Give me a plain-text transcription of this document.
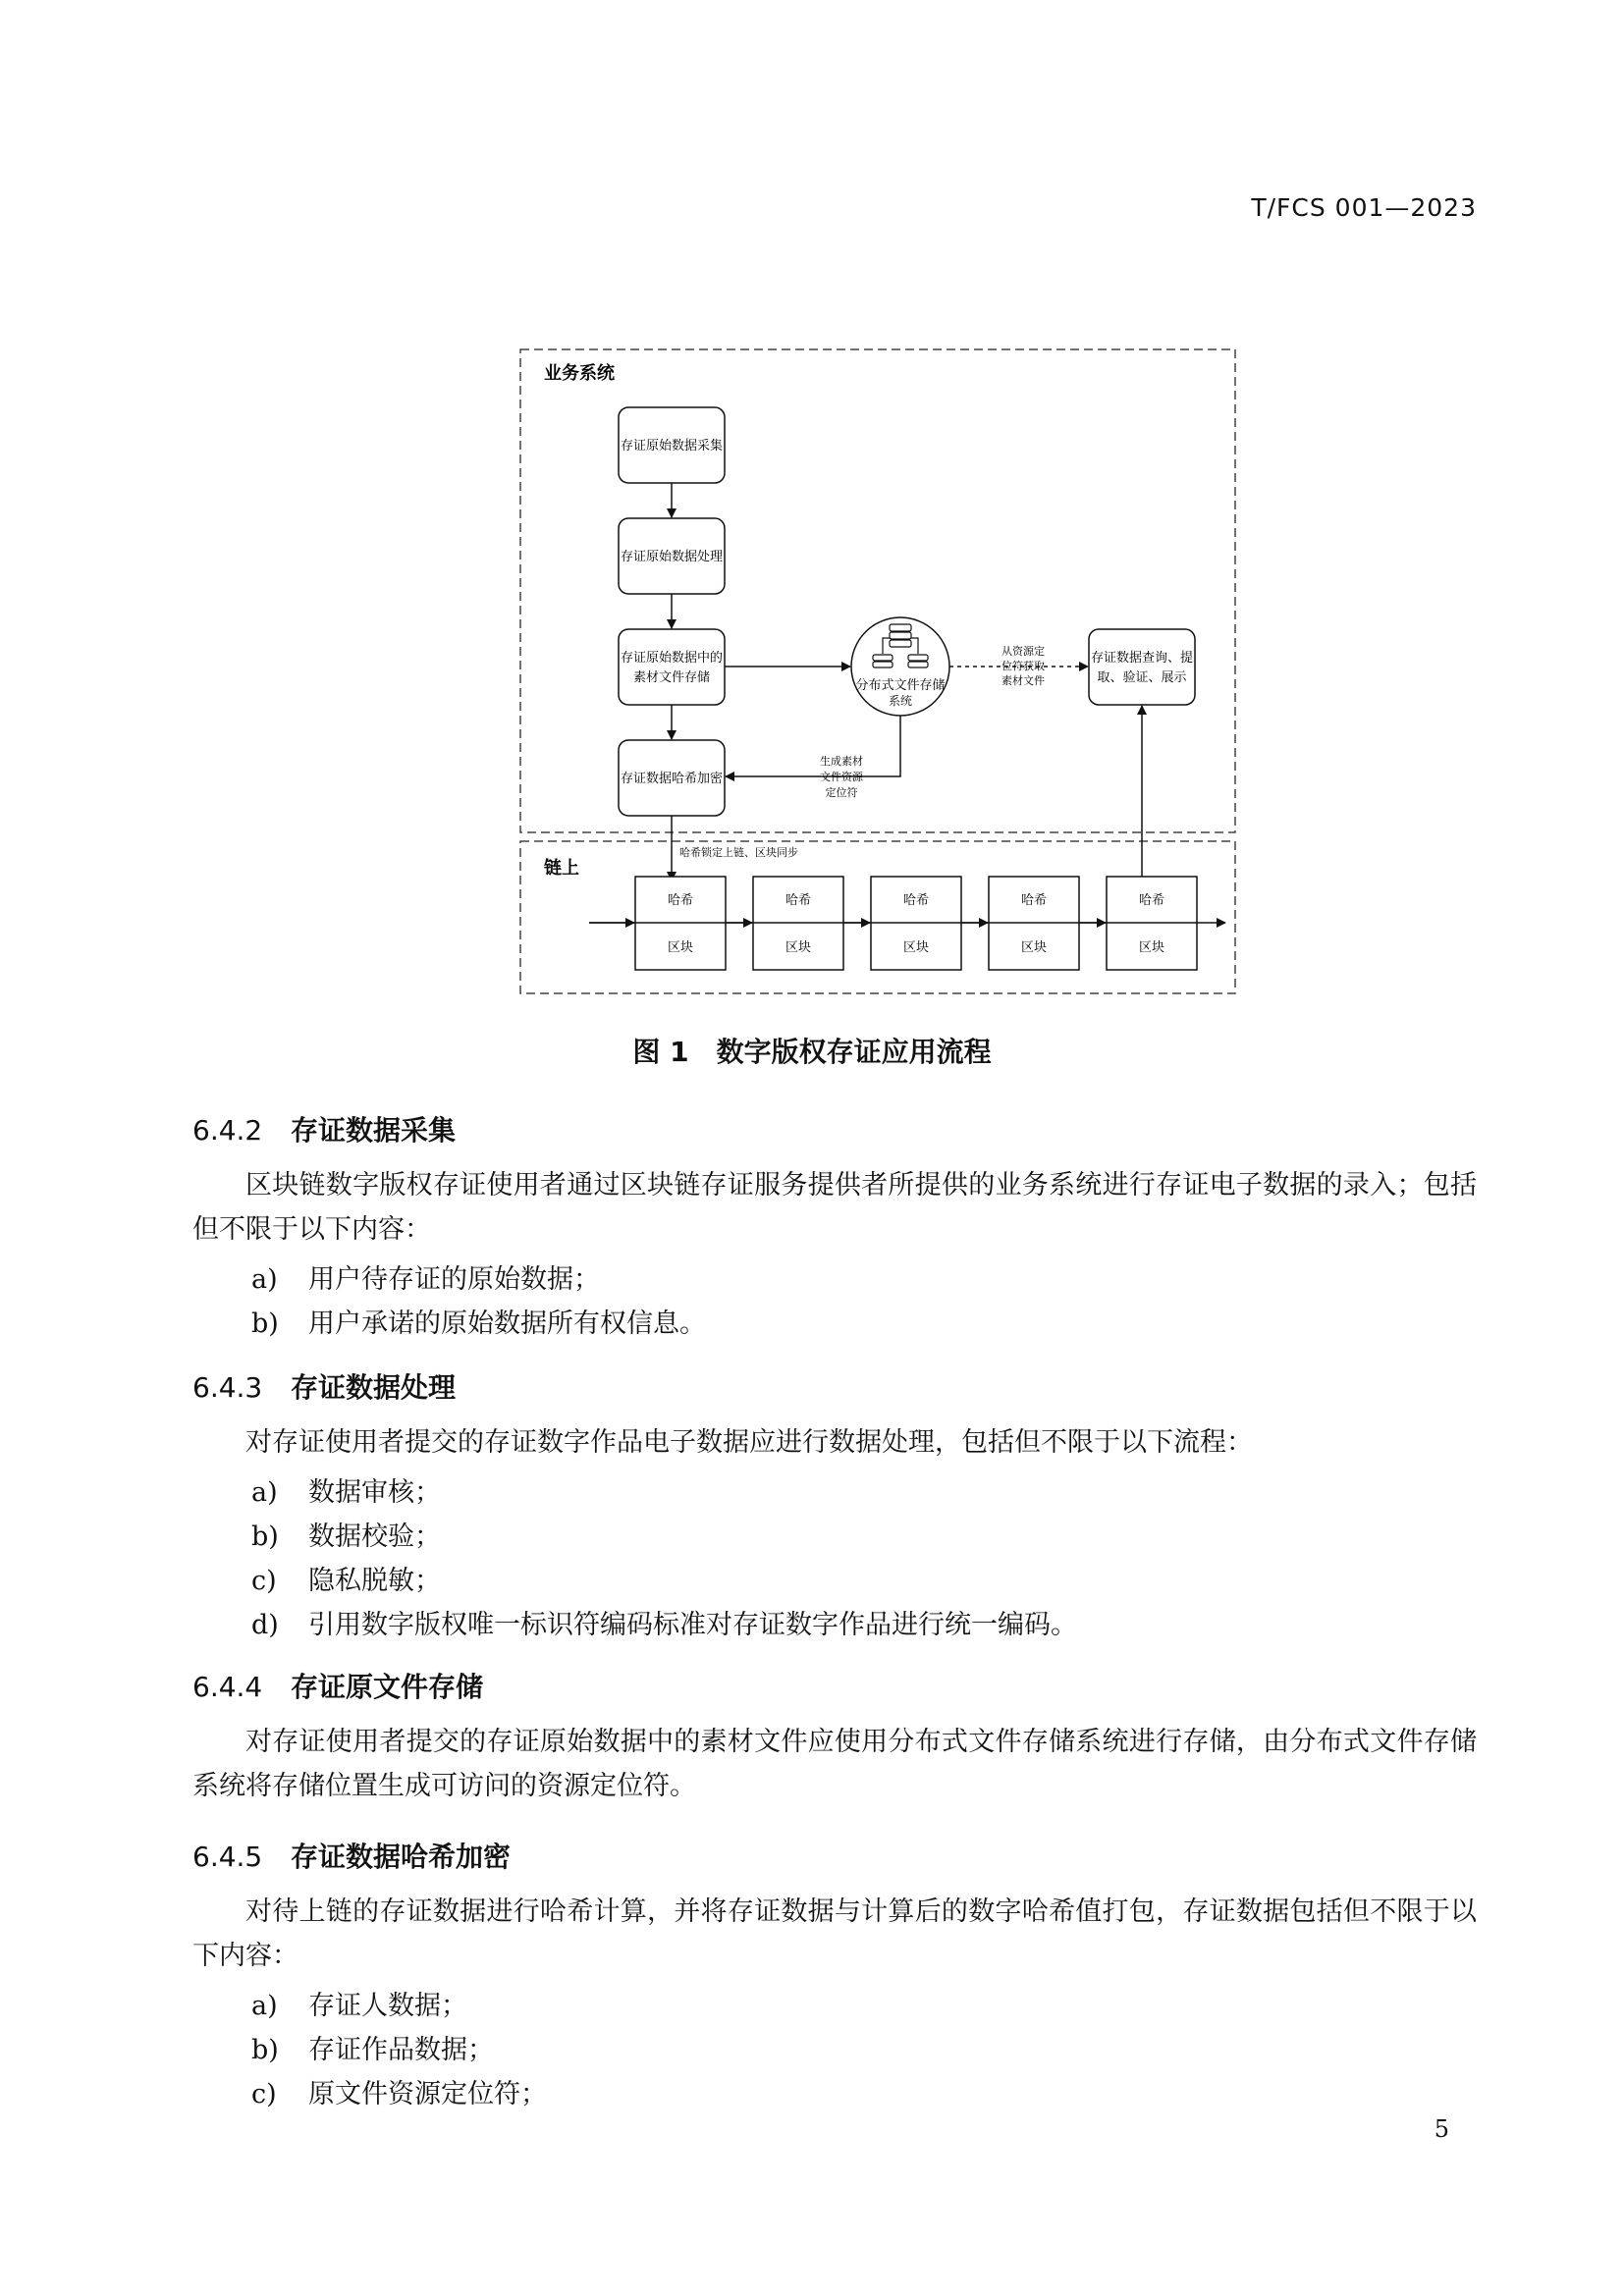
T/FCS 001—2023
业务系统
链上
存证原始数据采集
存证原始数据处理
存证原始数据中的
素材文件存储
存证数据哈希加密
分布式文件存储
系统
从资源定
位符获取
素材文件
存证数据查询、提
取、验证、展示
生成素材
文件资源
定位符
哈希锁定上链、区块同步
哈希
区块
哈希
区块
哈希
区块
哈希
区块
哈希
区块
图 1 数字版权存证应用流程
6.4.2 存证数据采集

区块链数字版权存证使用者通过区块链存证服务提供者所提供的业务系统进行存证电子数据的录入；包括但不限于以下内容：

a) 用户待存证的原始数据；
b) 用户承诺的原始数据所有权信息。
6.4.3 存证数据处理

对存证使用者提交的存证数字作品电子数据应进行数据处理，包括但不限于以下流程：

a) 数据审核；
b) 数据校验；
c) 隐私脱敏；
d) 引用数字版权唯一标识符编码标准对存证数字作品进行统一编码。
6.4.4 存证原文件存储

对存证使用者提交的存证原始数据中的素材文件应使用分布式文件存储系统进行存储，由分布式文件存储系统将存储位置生成可访问的资源定位符。

6.4.5 存证数据哈希加密

对待上链的存证数据进行哈希计算，并将存证数据与计算后的数字哈希值打包，存证数据包括但不限于以下内容：

a) 存证人数据；
b) 存证作品数据；
c) 原文件资源定位符；
5
